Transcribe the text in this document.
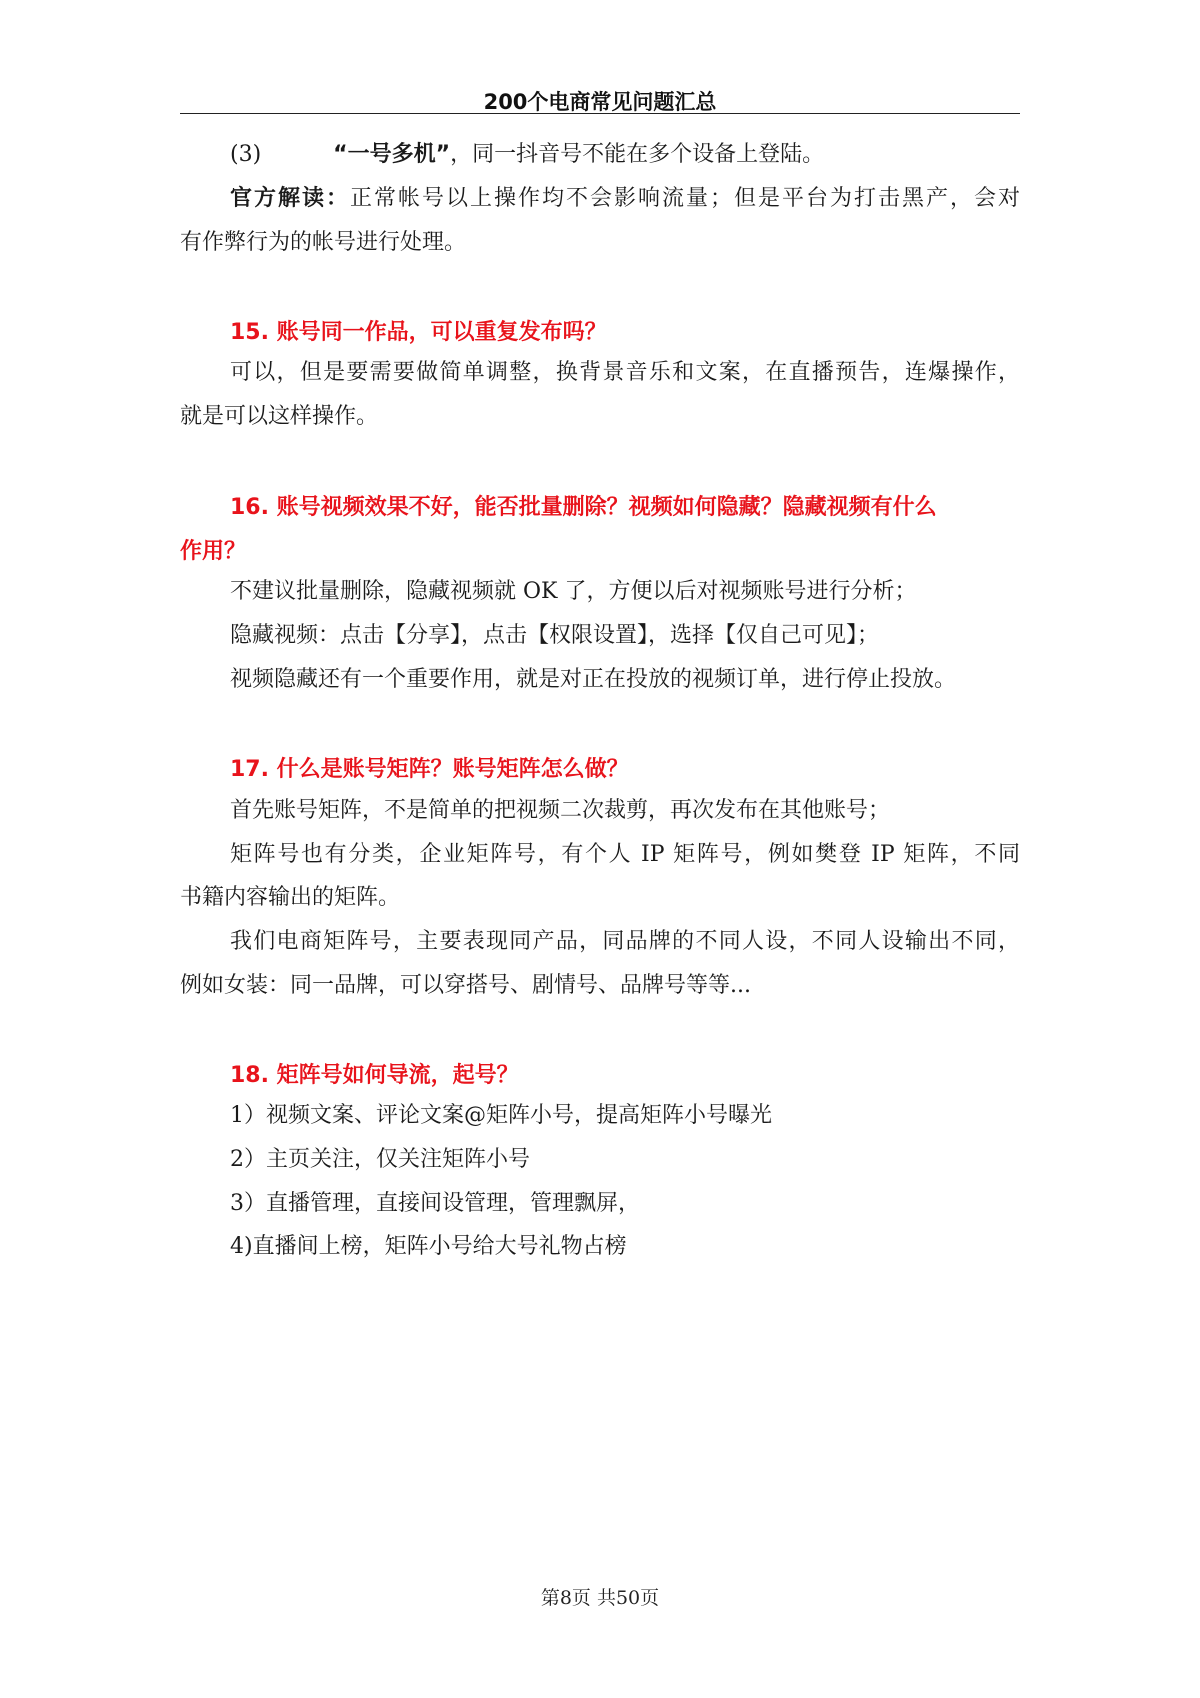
200个电商常见问题汇总
(3)	“一号多机”，同一抖音号不能在多个设备上登陆。
官方解读：正常帐号以上操作均不会影响流量；但是平台为打击黑产，会对
有作弊行为的帐号进行处理。
15. 账号同一作品，可以重复发布吗？
可以，但是要需要做简单调整，换背景音乐和文案，在直播预告，连爆操作，
就是可以这样操作。
16. 账号视频效果不好，能否批量删除？视频如何隐藏？隐藏视频有什么
作用？
不建议批量删除，隐藏视频就 OK 了，方便以后对视频账号进行分析；
隐藏视频：点击【分享】，点击【权限设置】，选择【仅自己可见】；
视频隐藏还有一个重要作用，就是对正在投放的视频订单，进行停止投放。
17. 什么是账号矩阵？账号矩阵怎么做？
首先账号矩阵，不是简单的把视频二次裁剪，再次发布在其他账号；
矩阵号也有分类，企业矩阵号，有个人 IP 矩阵号，例如樊登 IP 矩阵，不同
书籍内容输出的矩阵。
我们电商矩阵号，主要表现同产品，同品牌的不同人设，不同人设输出不同，
例如女装：同一品牌，可以穿搭号、剧情号、品牌号等等...
18. 矩阵号如何导流，起号？
1）视频文案、评论文案@矩阵小号，提高矩阵小号曝光
2）主页关注，仅关注矩阵小号
3）直播管理，直接间设管理，管理飘屏，
4)直播间上榜，矩阵小号给大号礼物占榜
第8页 共50页
